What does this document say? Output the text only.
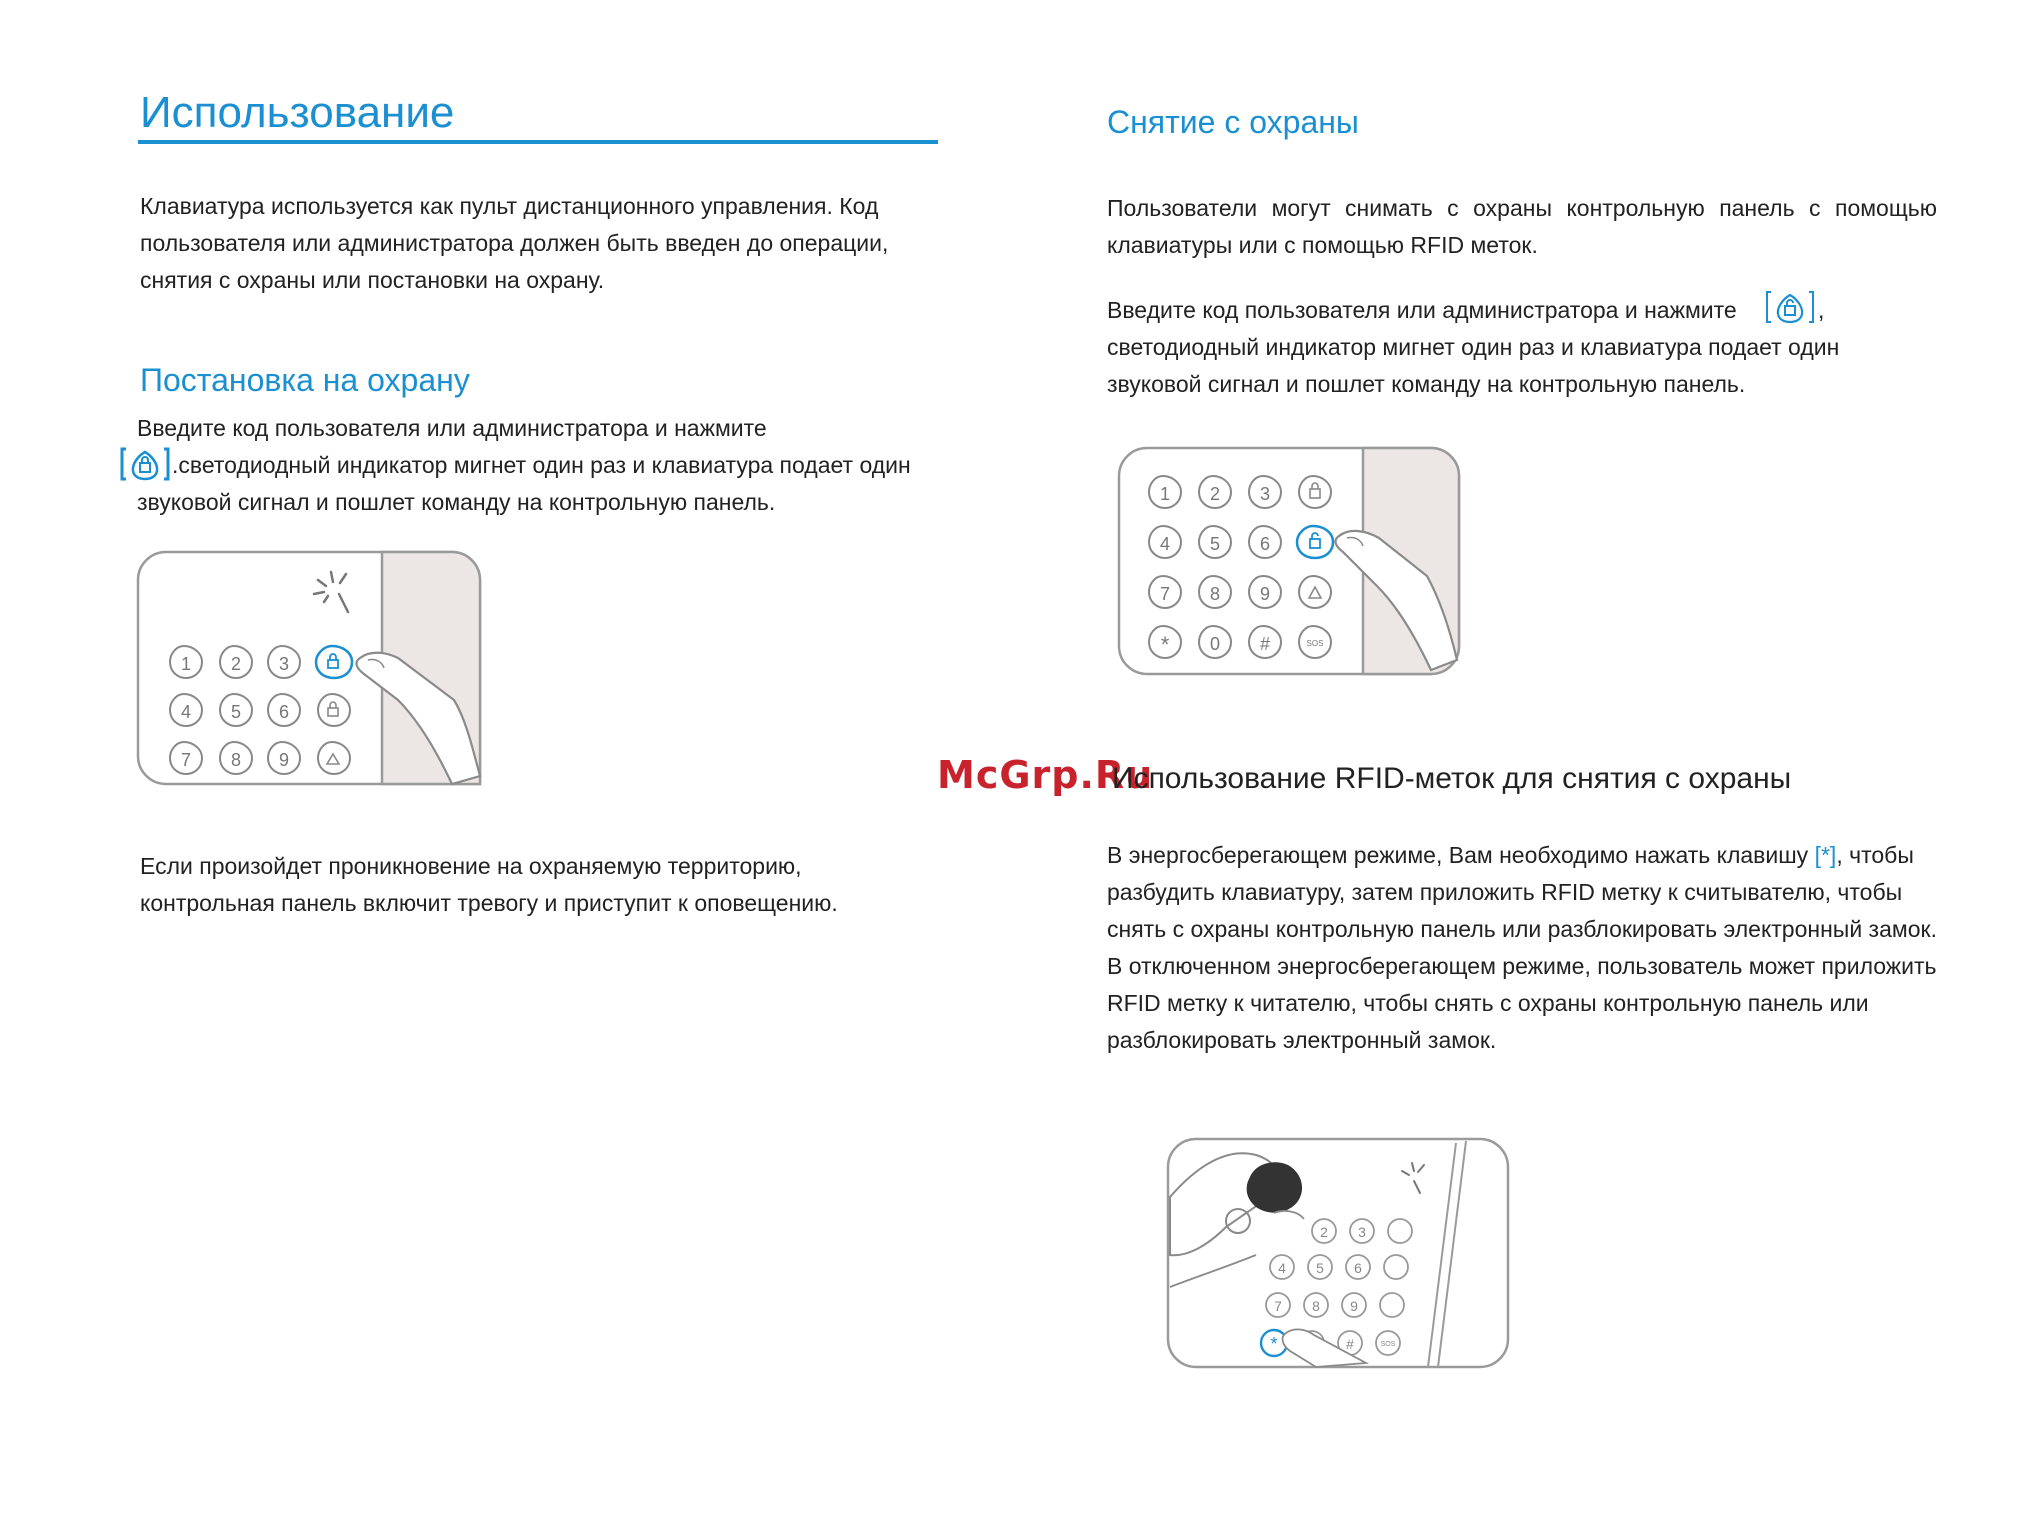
Использование

Клавиатура используется как пульт дистанционного управления. Код пользователя или администратора должен быть введен до операции, снятия с охраны или постановки на охрану.

Постановка на охрану

Введите код пользователя или администратора и нажмите

.светодиодный индикатор мигнет один раз и клавиатура подает один

звуковой сигнал и пошлет команду на контрольную панель.

1 2 3
4 5 6
7 8 9

Если произойдет проникновение на охраняемую территорию, контрольная панель включит тревогу и приступит к оповещению.

Снятие с охраны

Пользователи могут снимать с охраны контрольную панель с помощью клавиатуры или с помощью RFID меток.

Введите код пользователя или администратора и нажмите	,

светодиодный индикатор мигнет один раз и клавиатура подает один

звуковой сигнал и пошлет команду на контрольную панель.

1 2 3
4 5 6
7 8 9
* 0 #	SOS
McGrp.Ru
Использование RFID-меток для снятия с охраны
В энергосберегающем режиме, Вам необходимо нажать клавишу [*], чтобы разбудить клавиатуру, затем приложить RFID метку к считывателю, чтобы снять с охраны контрольную панель или разблокировать электронный замок. В отключенном энергосберегающем режиме, пользователь может приложить RFID метку к читателю, чтобы снять с охраны контрольную панель или разблокировать электронный замок.
*
2 3
4 5 6
7 8 9
#	SOS
